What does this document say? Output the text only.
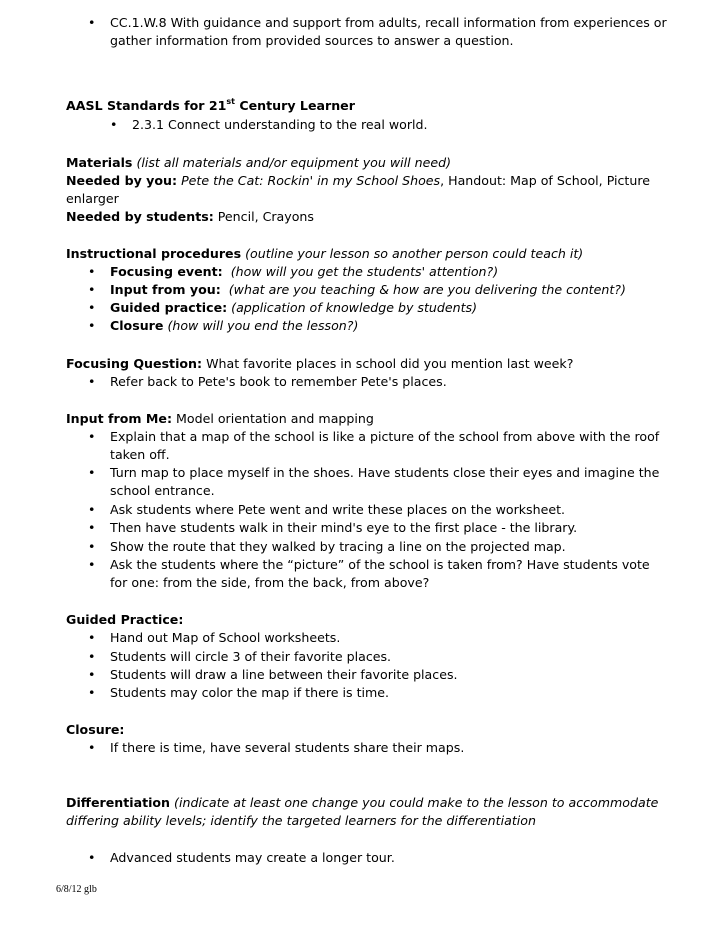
• CC.1.W.8 With guidance and support from adults, recall information from experiences or
gather information from provided sources to answer a question.
AASL Standards for 21st Century Learner
• 2.3.1 Connect understanding to the real world.
Materials (list all materials and/or equipment you will need)
Needed by you: Pete the Cat: Rockin' in my School Shoes, Handout: Map of School, Picture
enlarger
Needed by students: Pencil, Crayons
Instructional procedures (outline your lesson so another person could teach it)
• Focusing event: (how will you get the students' attention?)
• Input from you: (what are you teaching & how are you delivering the content?)
• Guided practice: (application of knowledge by students)
• Closure (how will you end the lesson?)
Focusing Question: What favorite places in school did you mention last week?
• Refer back to Pete's book to remember Pete's places.
Input from Me: Model orientation and mapping
• Explain that a map of the school is like a picture of the school from above with the roof
taken off.
• Turn map to place myself in the shoes. Have students close their eyes and imagine the
school entrance.
• Ask students where Pete went and write these places on the worksheet.
• Then have students walk in their mind's eye to the first place - the library.
• Show the route that they walked by tracing a line on the projected map.
• Ask the students where the “picture” of the school is taken from? Have students vote
for one: from the side, from the back, from above?
Guided Practice:
• Hand out Map of School worksheets.
• Students will circle 3 of their favorite places.
• Students will draw a line between their favorite places.
• Students may color the map if there is time.
Closure:
• If there is time, have several students share their maps.
Differentiation (indicate at least one change you could make to the lesson to accommodate
differing ability levels; identify the targeted learners for the differentiation
• Advanced students may create a longer tour.
6/8/12 glb
